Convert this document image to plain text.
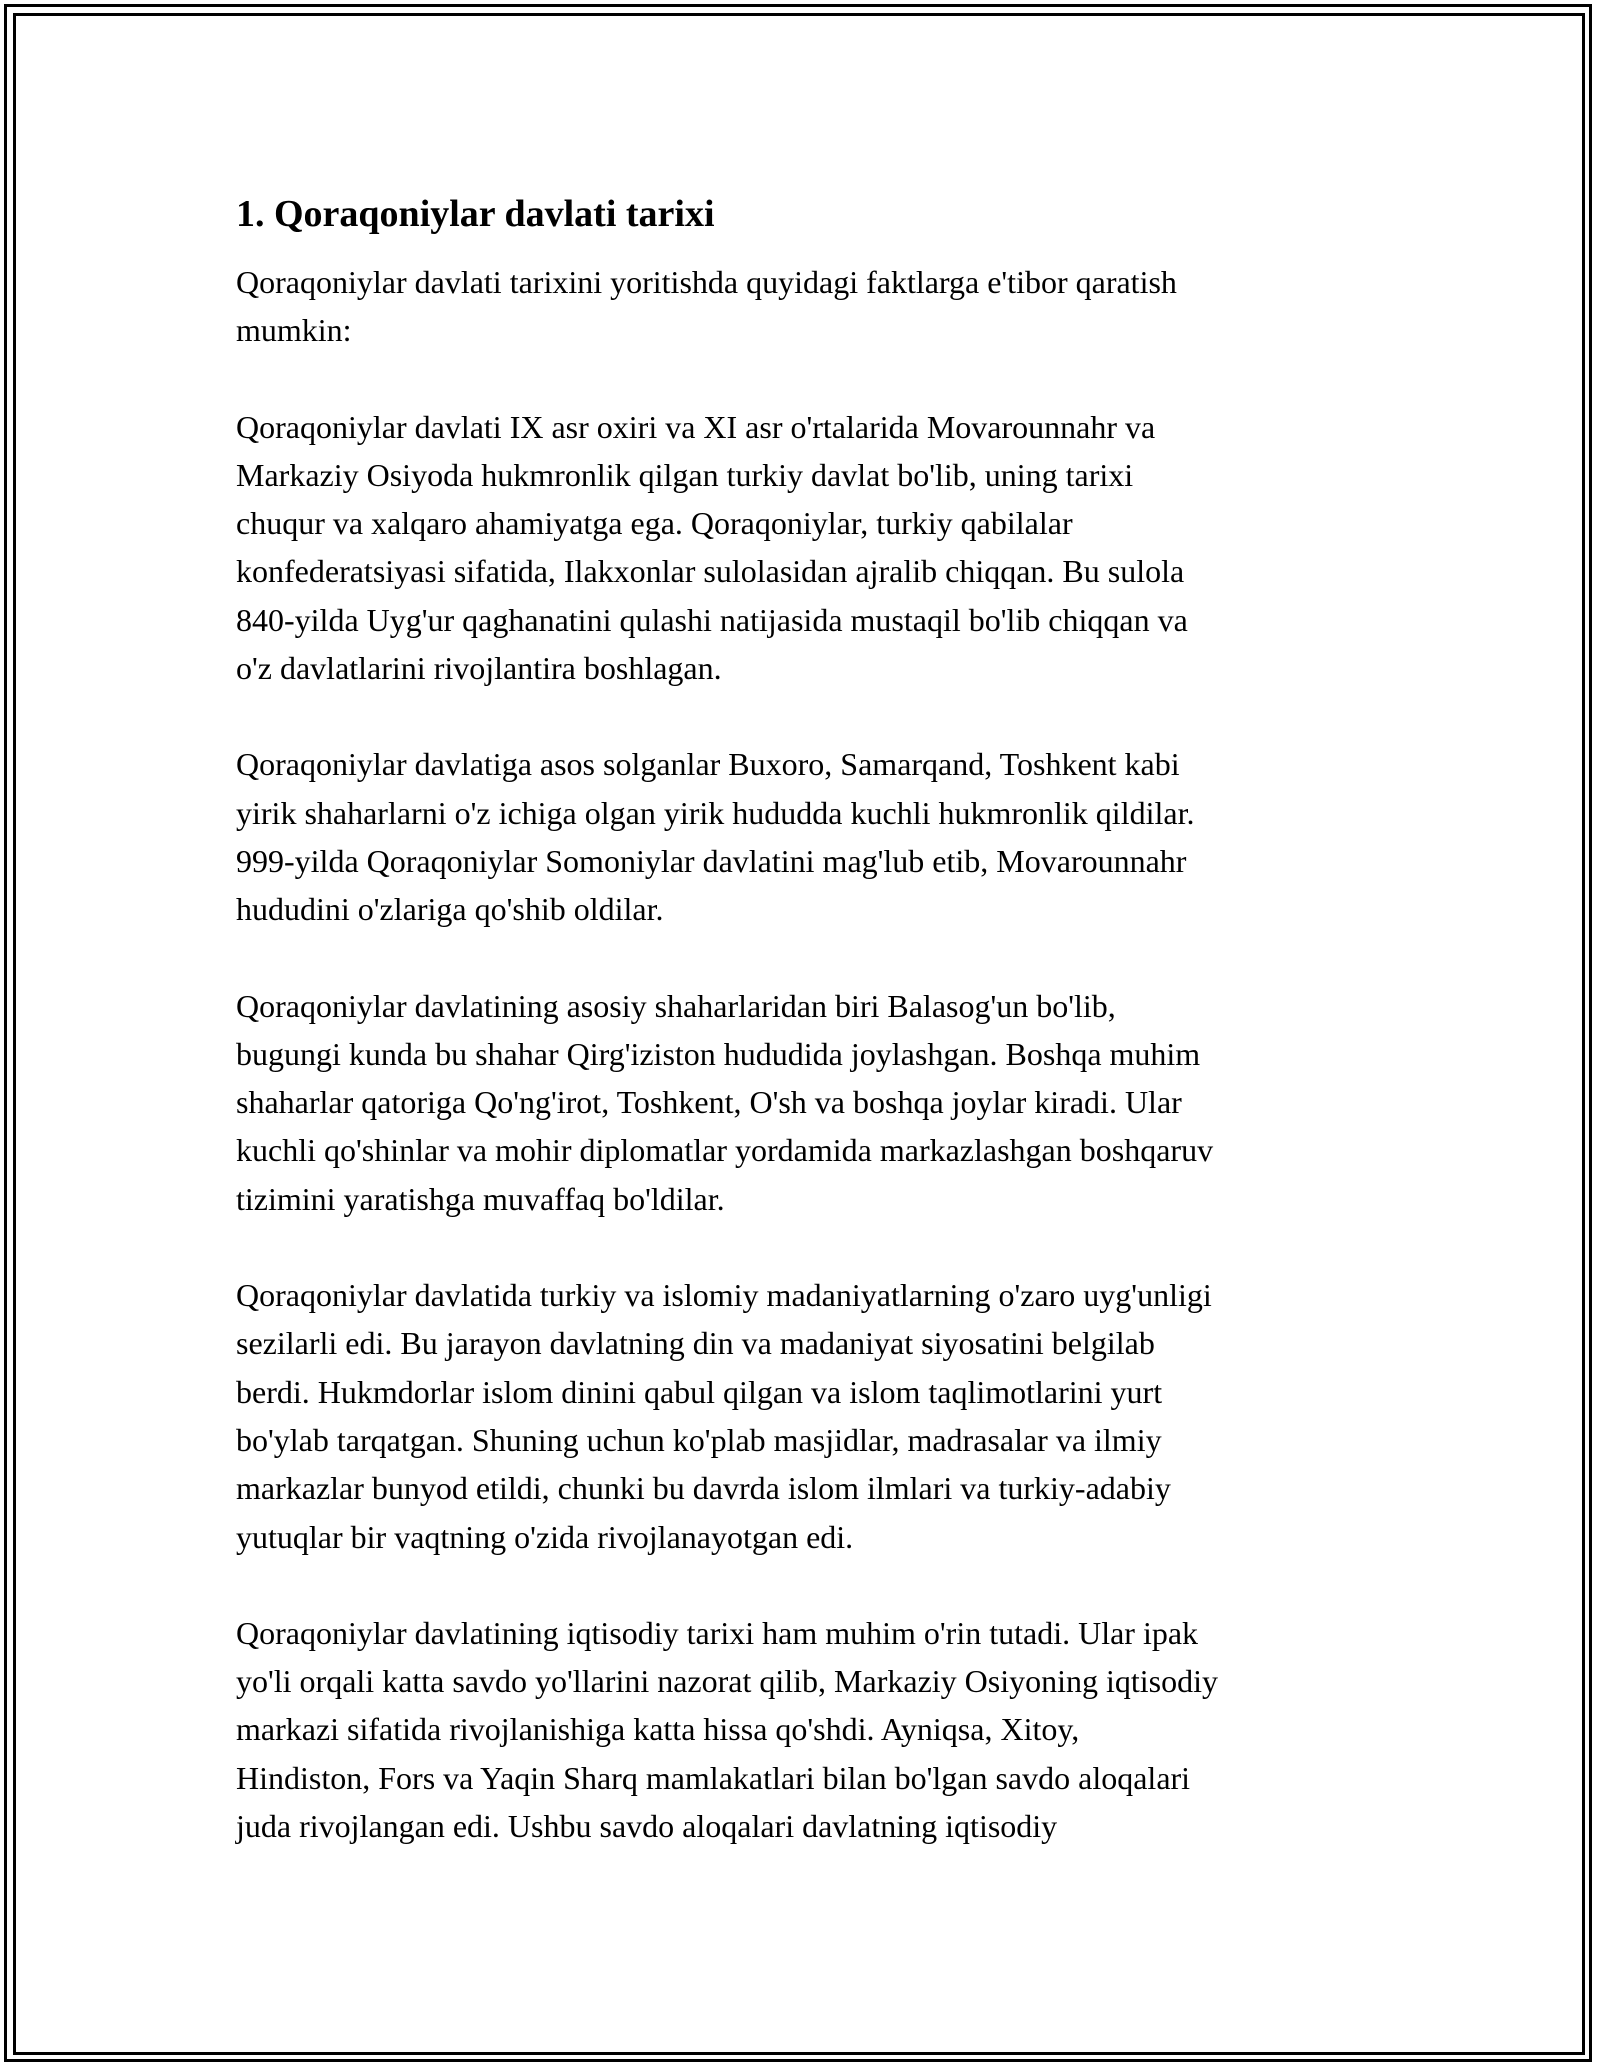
1. Qoraqoniylar davlati tarixi

Qoraqoniylar davlati tarixini yoritishda quyidagi faktlarga e'tibor qaratish
mumkin:

Qoraqoniylar davlati IX asr oxiri va XI asr o'rtalarida Movarounnahr va
Markaziy Osiyoda hukmronlik qilgan turkiy davlat bo'lib, uning tarixi
chuqur va xalqaro ahamiyatga ega. Qoraqoniylar, turkiy qabilalar
konfederatsiyasi sifatida, Ilakxonlar sulolasidan ajralib chiqqan. Bu sulola
840-yilda Uyg'ur qaghanatini qulashi natijasida mustaqil bo'lib chiqqan va
o'z davlatlarini rivojlantira boshlagan.

Qoraqoniylar davlatiga asos solganlar Buxoro, Samarqand, Toshkent kabi
yirik shaharlarni o'z ichiga olgan yirik hududda kuchli hukmronlik qildilar.
999-yilda Qoraqoniylar Somoniylar davlatini mag'lub etib, Movarounnahr
hududini o'zlariga qo'shib oldilar.

Qoraqoniylar davlatining asosiy shaharlaridan biri Balasog'un bo'lib,
bugungi kunda bu shahar Qirg'iziston hududida joylashgan. Boshqa muhim
shaharlar qatoriga Qo'ng'irot, Toshkent, O'sh va boshqa joylar kiradi. Ular
kuchli qo'shinlar va mohir diplomatlar yordamida markazlashgan boshqaruv
tizimini yaratishga muvaffaq bo'ldilar.

Qoraqoniylar davlatida turkiy va islomiy madaniyatlarning o'zaro uyg'unligi
sezilarli edi. Bu jarayon davlatning din va madaniyat siyosatini belgilab
berdi. Hukmdorlar islom dinini qabul qilgan va islom taqlimotlarini yurt
bo'ylab tarqatgan. Shuning uchun ko'plab masjidlar, madrasalar va ilmiy
markazlar bunyod etildi, chunki bu davrda islom ilmlari va turkiy-adabiy
yutuqlar bir vaqtning o'zida rivojlanayotgan edi.

Qoraqoniylar davlatining iqtisodiy tarixi ham muhim o'rin tutadi. Ular ipak
yo'li orqali katta savdo yo'llarini nazorat qilib, Markaziy Osiyoning iqtisodiy
markazi sifatida rivojlanishiga katta hissa qo'shdi. Ayniqsa, Xitoy,
Hindiston, Fors va Yaqin Sharq mamlakatlari bilan bo'lgan savdo aloqalari
juda rivojlangan edi. Ushbu savdo aloqalari davlatning iqtisodiy
